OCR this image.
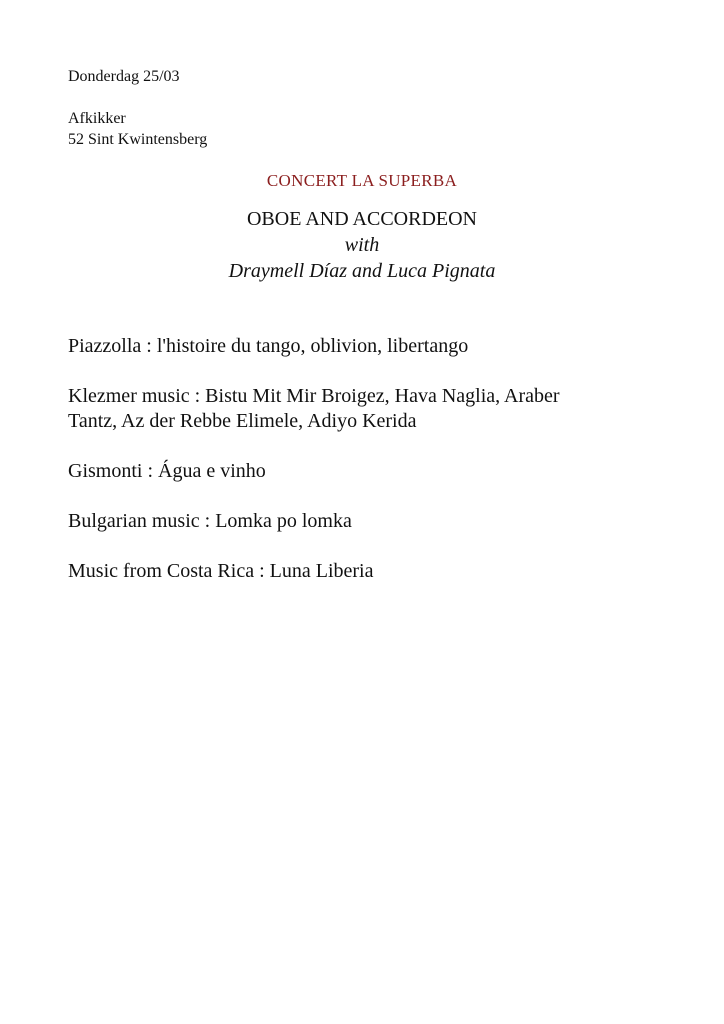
Donderdag 25/03

Afkikker

52 Sint Kwintensberg

CONCERT LA SUPERBA

OBOE AND ACCORDEON

with

Draymell Díaz and Luca Pignata

Piazzolla : l'histoire du tango, oblivion, libertango

Klezmer music : Bistu Mit Mir Broigez, Hava Naglia, Araber Tantz, Az der Rebbe Elimele, Adiyo Kerida

Gismonti : Água e vinho

Bulgarian music : Lomka po lomka

Music from Costa Rica : Luna Liberia
